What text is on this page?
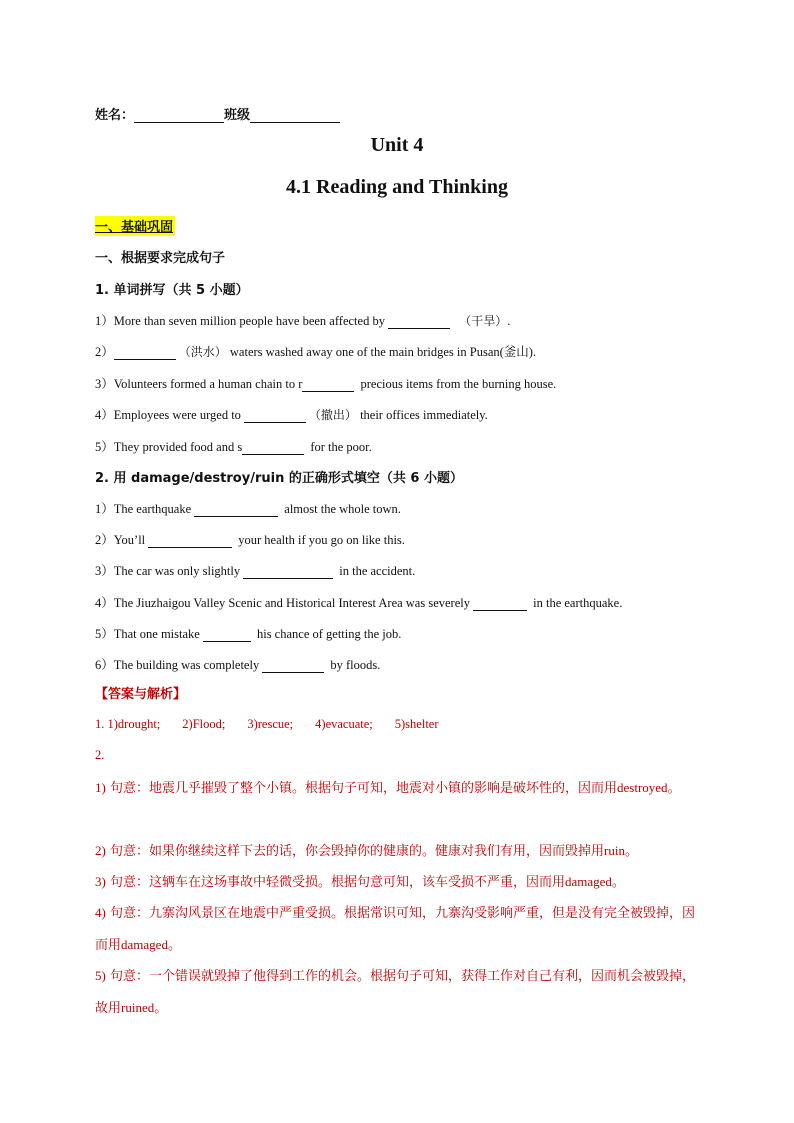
姓名：	班级
Unit 4
4.1 Reading and Thinking
一、基础巩固
一、根据要求完成句子
1. 单词拼写（共 5 小题）
1）More than seven million people have been affected by	（干旱）.
2）	（洪水） waters washed away one of the main bridges in Pusan(釜山).
3）Volunteers formed a human chain to r	precious items from the burning house.
4）Employees were urged to	（撤出） their offices immediately.
5）They provided food and s	for the poor.
2. 用 damage/destroy/ruin 的正确形式填空（共 6 小题）
1）The earthquake	almost the whole town.
2）You’ll	your health if you go on like this.
3）The car was only slightly	in the accident.
4）The Jiuzhaigou Valley Scenic and Historical Interest Area was severely	in the earthquake.
5）That one mistake	his chance of getting the job.
6）The building was completely	by floods.
【答案与解析】
1. 1)drought; 2)Flood; 3)rescue; 4)evacuate; 5)shelter
2.
1) 句意：地震几乎摧毁了整个小镇。根据句子可知，地震对小镇的影响是破坏性的，因而用destroyed。
2) 句意：如果你继续这样下去的话，你会毁掉你的健康的。健康对我们有用，因而毁掉用ruin。
3) 句意：这辆车在这场事故中轻微受损。根据句意可知，该车受损不严重，因而用damaged。
4) 句意：九寨沟风景区在地震中严重受损。根据常识可知，九寨沟受影响严重，但是没有完全被毁掉，因而用damaged。
5) 句意：一个错误就毁掉了他得到工作的机会。根据句子可知，获得工作对自己有利，因而机会被毁掉，故用ruined。
